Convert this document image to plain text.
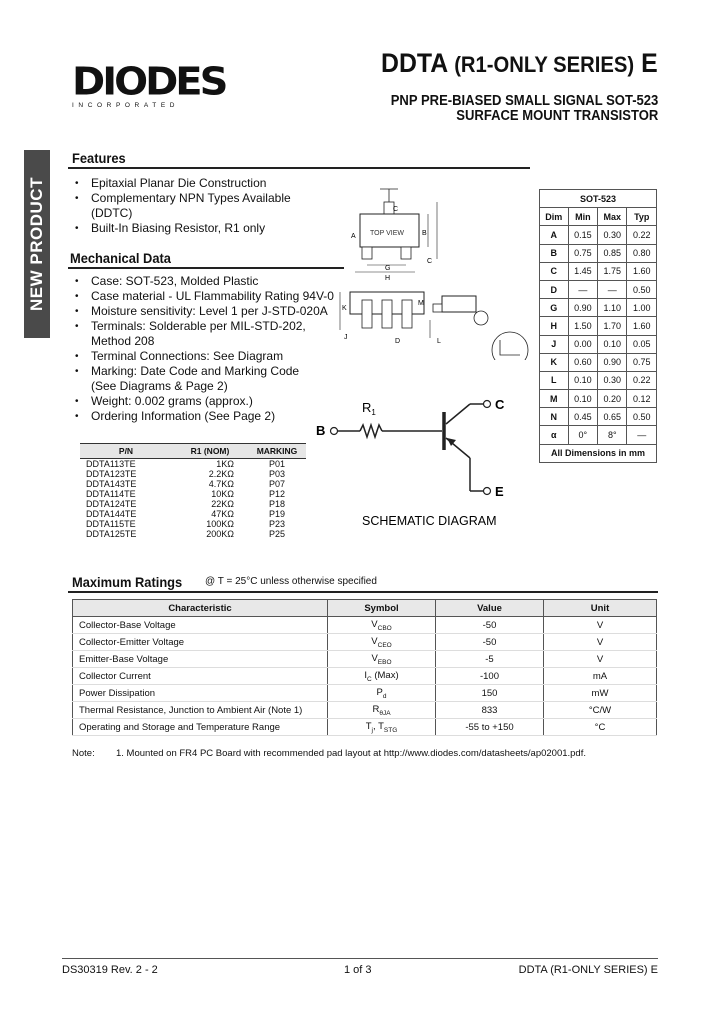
DIODES
INCORPORATED
DDTA (R1-ONLY SERIES) E
PNP PRE-BIASED SMALL SIGNAL SOT-523
SURFACE MOUNT TRANSISTOR
NEW PRODUCT
Features
• Epitaxial Planar Die Construction
• Complementary NPN Types Available
(DDTC)
• Built-In Biasing Resistor, R1 only
Mechanical Data
• Case: SOT-523, Molded Plastic
• Case material - UL Flammability Rating 94V-0
• Moisture sensitivity: Level 1 per J-STD-020A
• Terminals: Solderable per MIL-STD-202,
Method 208
• Terminal Connections: See Diagram
• Marking: Date Code and Marking Code
(See Diagrams & Page 2)
• Weight: 0.002 grams (approx.)
• Ordering Information (See Page 2)
P/N	R1 (NOM)	MARKING
DDTA113TE	1KΩ	P01
DDTA123TE	2.2KΩ	P03
DDTA143TE	4.7KΩ	P07
DDTA114TE	10KΩ	P12
DDTA124TE	22KΩ	P18
DDTA144TE	47KΩ	P19
DDTA115TE	100KΩ	P23
DDTA125TE	200KΩ	P25
TOP VIEW
C
A	B
C
G
H
K
J
D
M
L
SOT-523			
Dim	Min	Max	Typ
A	0.15	0.30	0.22
B	0.75	0.85	0.80
C	1.45	1.75	1.60
D	—	—	0.50
G	0.90	1.10	1.00
H	1.50	1.70	1.60
J	0.00	0.10	0.05
K	0.60	0.90	0.75
L	0.10	0.30	0.22
M	0.10	0.20	0.12
N	0.45	0.65	0.50
α	0°	8°	—
All Dimensions in mm			
$R_1$
B
C
E
SCHEMATIC DIAGRAM
Maximum Ratings @ T = 25°C unless otherwise specified
Characteristic	Symbol	Value	Unit
Collector-Base Voltage	$V_{CBO}$	-50	V
Collector-Emitter Voltage	$V_{CEO}$	-50	V
Emitter-Base Voltage	$V_{EBO}$	-5	V
Collector Current	$I_C$ (Max)	-100	mA
Power Dissipation	$P_d$	150	mW
Thermal Resistance, Junction to Ambient Air (Note 1)	$R_{\theta JA}$	833	°C/W
Operating and Storage and Temperature Range	$T_j$, $T_{STG}$	-55 to +150	°C
Note: 1. Mounted on FR4 PC Board with recommended pad layout at http://www.diodes.com/datasheets/ap02001.pdf.
DS30319 Rev. 2 - 2	1 of 3	DDTA (R1-ONLY SERIES) E
